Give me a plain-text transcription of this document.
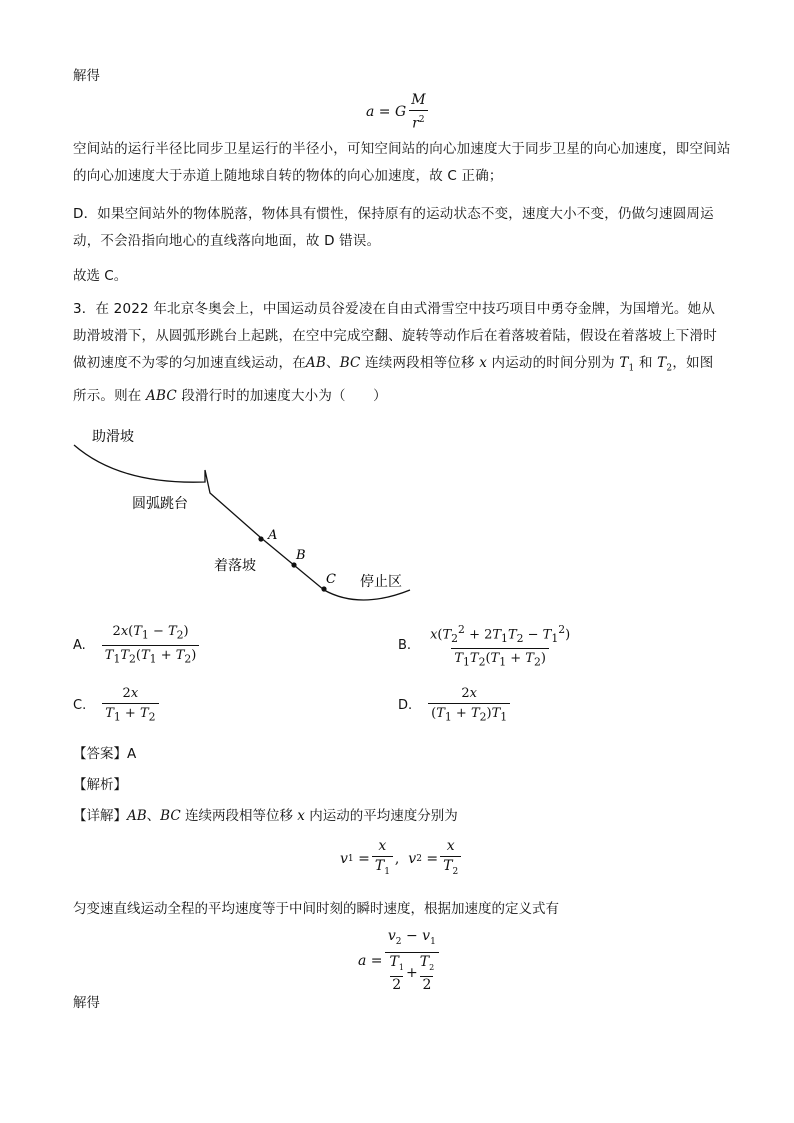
解得
a = G $\frac{M}{r^2}$
空间站的运行半径比同步卫星运行的半径小，可知空间站的向心加速度大于同步卫星的向心加速度，即空间站的向心加速度大于赤道上随地球自转的物体的向心加速度，故 C 正确；
D．如果空间站外的物体脱落，物体具有惯性，保持原有的运动状态不变，速度大小不变，仍做匀速圆周运动，不会沿指向地心的直线落向地面，故 D 错误。
故选 C。
3．在 2022 年北京冬奥会上，中国运动员谷爱凌在自由式滑雪空中技巧项目中勇夺金牌，为国增光。她从助滑坡滑下，从圆弧形跳台上起跳，在空中完成空翻、旋转等动作后在着落坡着陆，假设在着落坡上下滑时做初速度不为零的匀加速直线运动，在AB、BC 连续两段相等位移 x 内运动的时间分别为 $T_1$ 和 $T_2$，如图所示。则在 ABC 段滑行时的加速度大小为（　　）
助滑坡
圆弧跳台
着落坡
停止区
A
B
C
A. $\frac{2x(T_1 - T_2)}{T_1T_2(T_1 + T_2)}$	B. $\frac{x(T_2^2 + 2T_1T_2 - T_1^2)}{T_1T_2(T_1 + T_2)}$
C. $\frac{2x}{T_1 + T_2}$	D. $\frac{2x}{(T_1 + T_2)T_1}$
【答案】A
【解析】
【详解】AB、BC 连续两段相等位移 x 内运动的平均速度分别为
v $1 = \frac{x}{T_1}$ , v $2 = \frac{x}{T_2}$
匀变速直线运动全程的平均速度等于中间时刻的瞬时速度，根据加速度的定义式有
$a = \frac{v_2 - v_1}{\frac{T_1}{2} + \frac{T_2}{2}}$
解得
